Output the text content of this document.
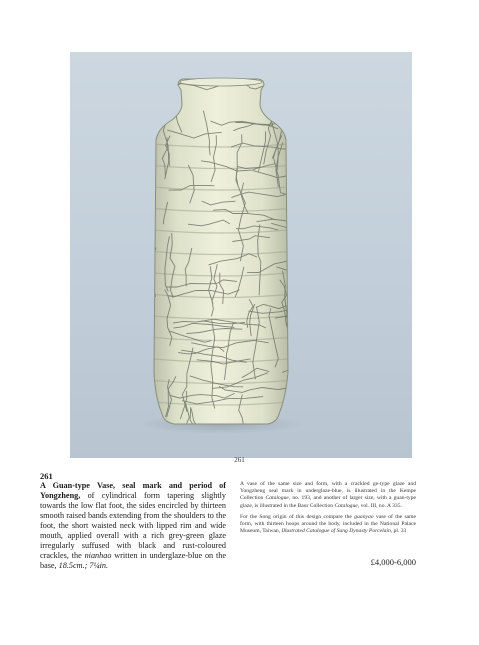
261
261
A Guan-type Vase, seal mark and period of Yongzheng, of cylindrical form tapering slightly towards the low flat foot, the sides encircled by thirteen smooth raised bands extending from the shoulders to the foot, the short waisted neck with lipped rim and wide mouth, applied overall with a rich grey-green glaze irregularly suffused with black and rust-coloured crackles, the nianhao written in underglaze-blue on the base, 18.5cm.; 7¼in.

A vase of the same size and form, with a crackled ge-type glaze and Yongzheng seal mark in underglaze-blue, is illustrated in the Kempe Collection Catalogue, no. 193, and another of larger size, with a guan-type glaze, is illustrated in the Baur Collection Catalogue, vol. III, no. A 335.

For the Song origin of this design compare the guanyao vase of the same form, with thirteen hoops around the body, included in the National Palace Museum, Taiwan, Illustrated Catalogue of Sung Dynasty Porcelain, pl. 33

£4,000-6,000
